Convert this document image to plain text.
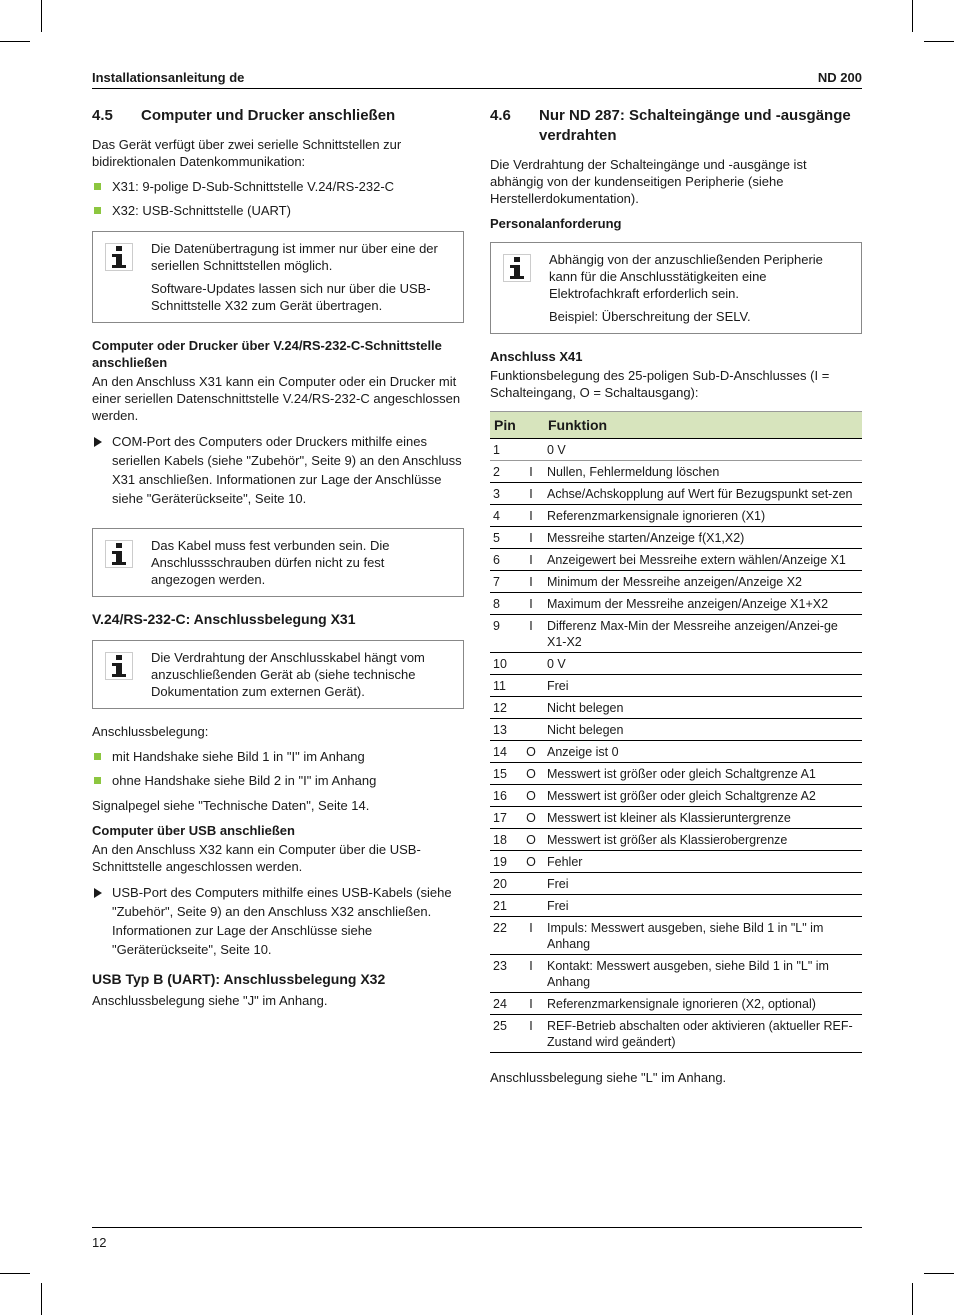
Installationsanleitung de	ND 200
4.5	Computer und Drucker anschließen

Das Gerät verfügt über zwei serielle Schnittstellen zur bidirektionalen Datenkommunikation:

X31: 9-polige D-Sub-Schnittstelle V.24/RS-232-C
X32: USB-Schnittstelle (UART)

Die Datenübertragung ist immer nur über eine der seriellen Schnittstellen möglich.

Software-Updates lassen sich nur über die USB-Schnittstelle X32 zum Gerät übertragen.

Computer oder Drucker über V.24/RS-232-C-Schnittstelle anschließen

An den Anschluss X31 kann ein Computer oder ein Drucker mit einer seriellen Datenschnittstelle V.24/RS-232-C angeschlossen werden.

COM-Port des Computers oder Druckers mithilfe eines seriellen Kabels (siehe "Zubehör", Seite 9) an den Anschluss X31 anschließen. Informationen zur Lage der Anschlüsse siehe "Geräterückseite", Seite 10.

Das Kabel muss fest verbunden sein. Die Anschlussschrauben dürfen nicht zu fest angezogen werden.

V.24/RS-232-C: Anschlussbelegung X31

Die Verdrahtung der Anschlusskabel hängt vom anzuschließenden Gerät ab (siehe technische Dokumentation zum externen Gerät).

Anschlussbelegung:

mit Handshake siehe Bild 1 in "I" im Anhang
ohne Handshake siehe Bild 2 in "I" im Anhang

Signalpegel siehe "Technische Daten", Seite 14.

Computer über USB anschließen

An den Anschluss X32 kann ein Computer über die USB-Schnittstelle angeschlossen werden.

USB-Port des Computers mithilfe eines USB-Kabels (siehe "Zubehör", Seite 9) an den Anschluss X32 anschließen. Informationen zur Lage der Anschlüsse siehe "Geräterückseite", Seite 10.
USB Typ B (UART): Anschlussbelegung X32

Anschlussbelegung siehe "J" im Anhang.

4.6	Nur ND 287: Schalteingänge und -ausgänge verdrahten

Die Verdrahtung der Schalteingänge und -ausgänge ist abhängig von der kundenseitigen Peripherie (siehe Herstellerdokumentation).

Personalanforderung

Abhängig von der anzuschließenden Peripherie kann für die Anschlusstätigkeiten eine Elektrofachkraft erforderlich sein.

Beispiel: Überschreitung der SELV.

Anschluss X41

Funktionsbelegung des 25-poligen Sub-D-Anschlusses (I = Schalteingang, O = Schaltausgang):

Pin		Funktion
1		0 V
2	I	Nullen, Fehlermeldung löschen
3	I	Achse/Achskopplung auf Wert für Bezugspunkt set-zen
4	I	Referenzmarkensignale ignorieren (X1)
5	I	Messreihe starten/Anzeige f(X1,X2)
6	I	Anzeigewert bei Messreihe extern wählen/Anzeige X1
7	I	Minimum der Messreihe anzeigen/Anzeige X2
8	I	Maximum der Messreihe anzeigen/Anzeige X1+X2
9	I	Differenz Max-Min der Messreihe anzeigen/Anzei-ge X1-X2
10		0 V
11		Frei
12		Nicht belegen
13		Nicht belegen
14	O	Anzeige ist 0
15	O	Messwert ist größer oder gleich Schaltgrenze A1
16	O	Messwert ist größer oder gleich Schaltgrenze A2
17	O	Messwert ist kleiner als Klassieruntergrenze
18	O	Messwert ist größer als Klassierobergrenze
19	O	Fehler
20		Frei
21		Frei
22	I	Impuls: Messwert ausgeben, siehe Bild 1 in "L" im Anhang
23	I	Kontakt: Messwert ausgeben, siehe Bild 1 in "L" im Anhang
24	I	Referenzmarkensignale ignorieren (X2, optional)
25	I	REF-Betrieb abschalten oder aktivieren (aktueller REF-Zustand wird geändert)

Anschlussbelegung siehe "L" im Anhang.

12
